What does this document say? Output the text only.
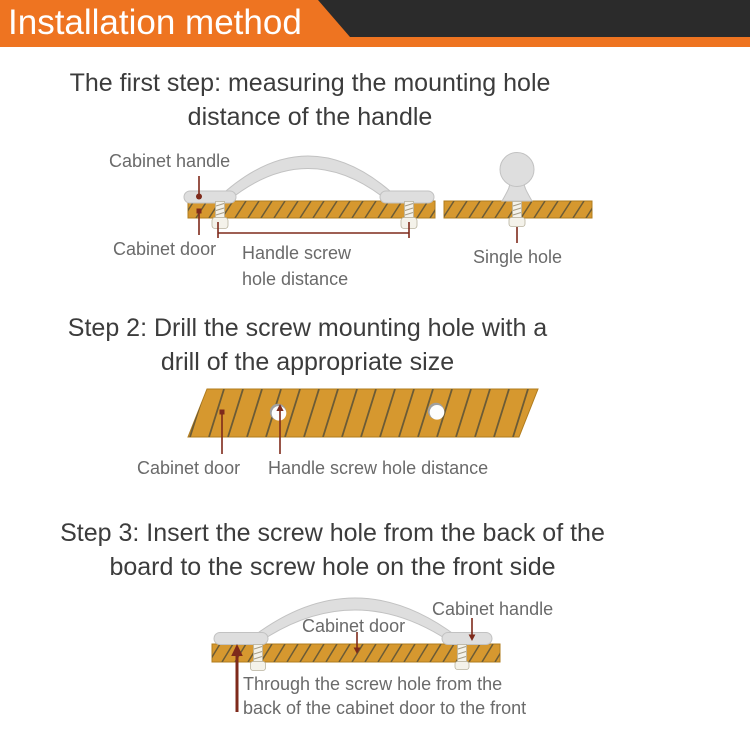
Installation method
The first step: measuring the mounting hole
distance of the handle
Cabinet handle
Cabinet door Handle screw
hole distance
Single hole
Step 2: Drill the screw mounting hole with a
drill of the appropriate size
Cabinet door Handle screw hole distance
Step 3: Insert the screw hole from the back of the
board to the screw hole on the front side
Cabinet handle
Cabinet door
Through the screw hole from the
back of the cabinet door to the front
